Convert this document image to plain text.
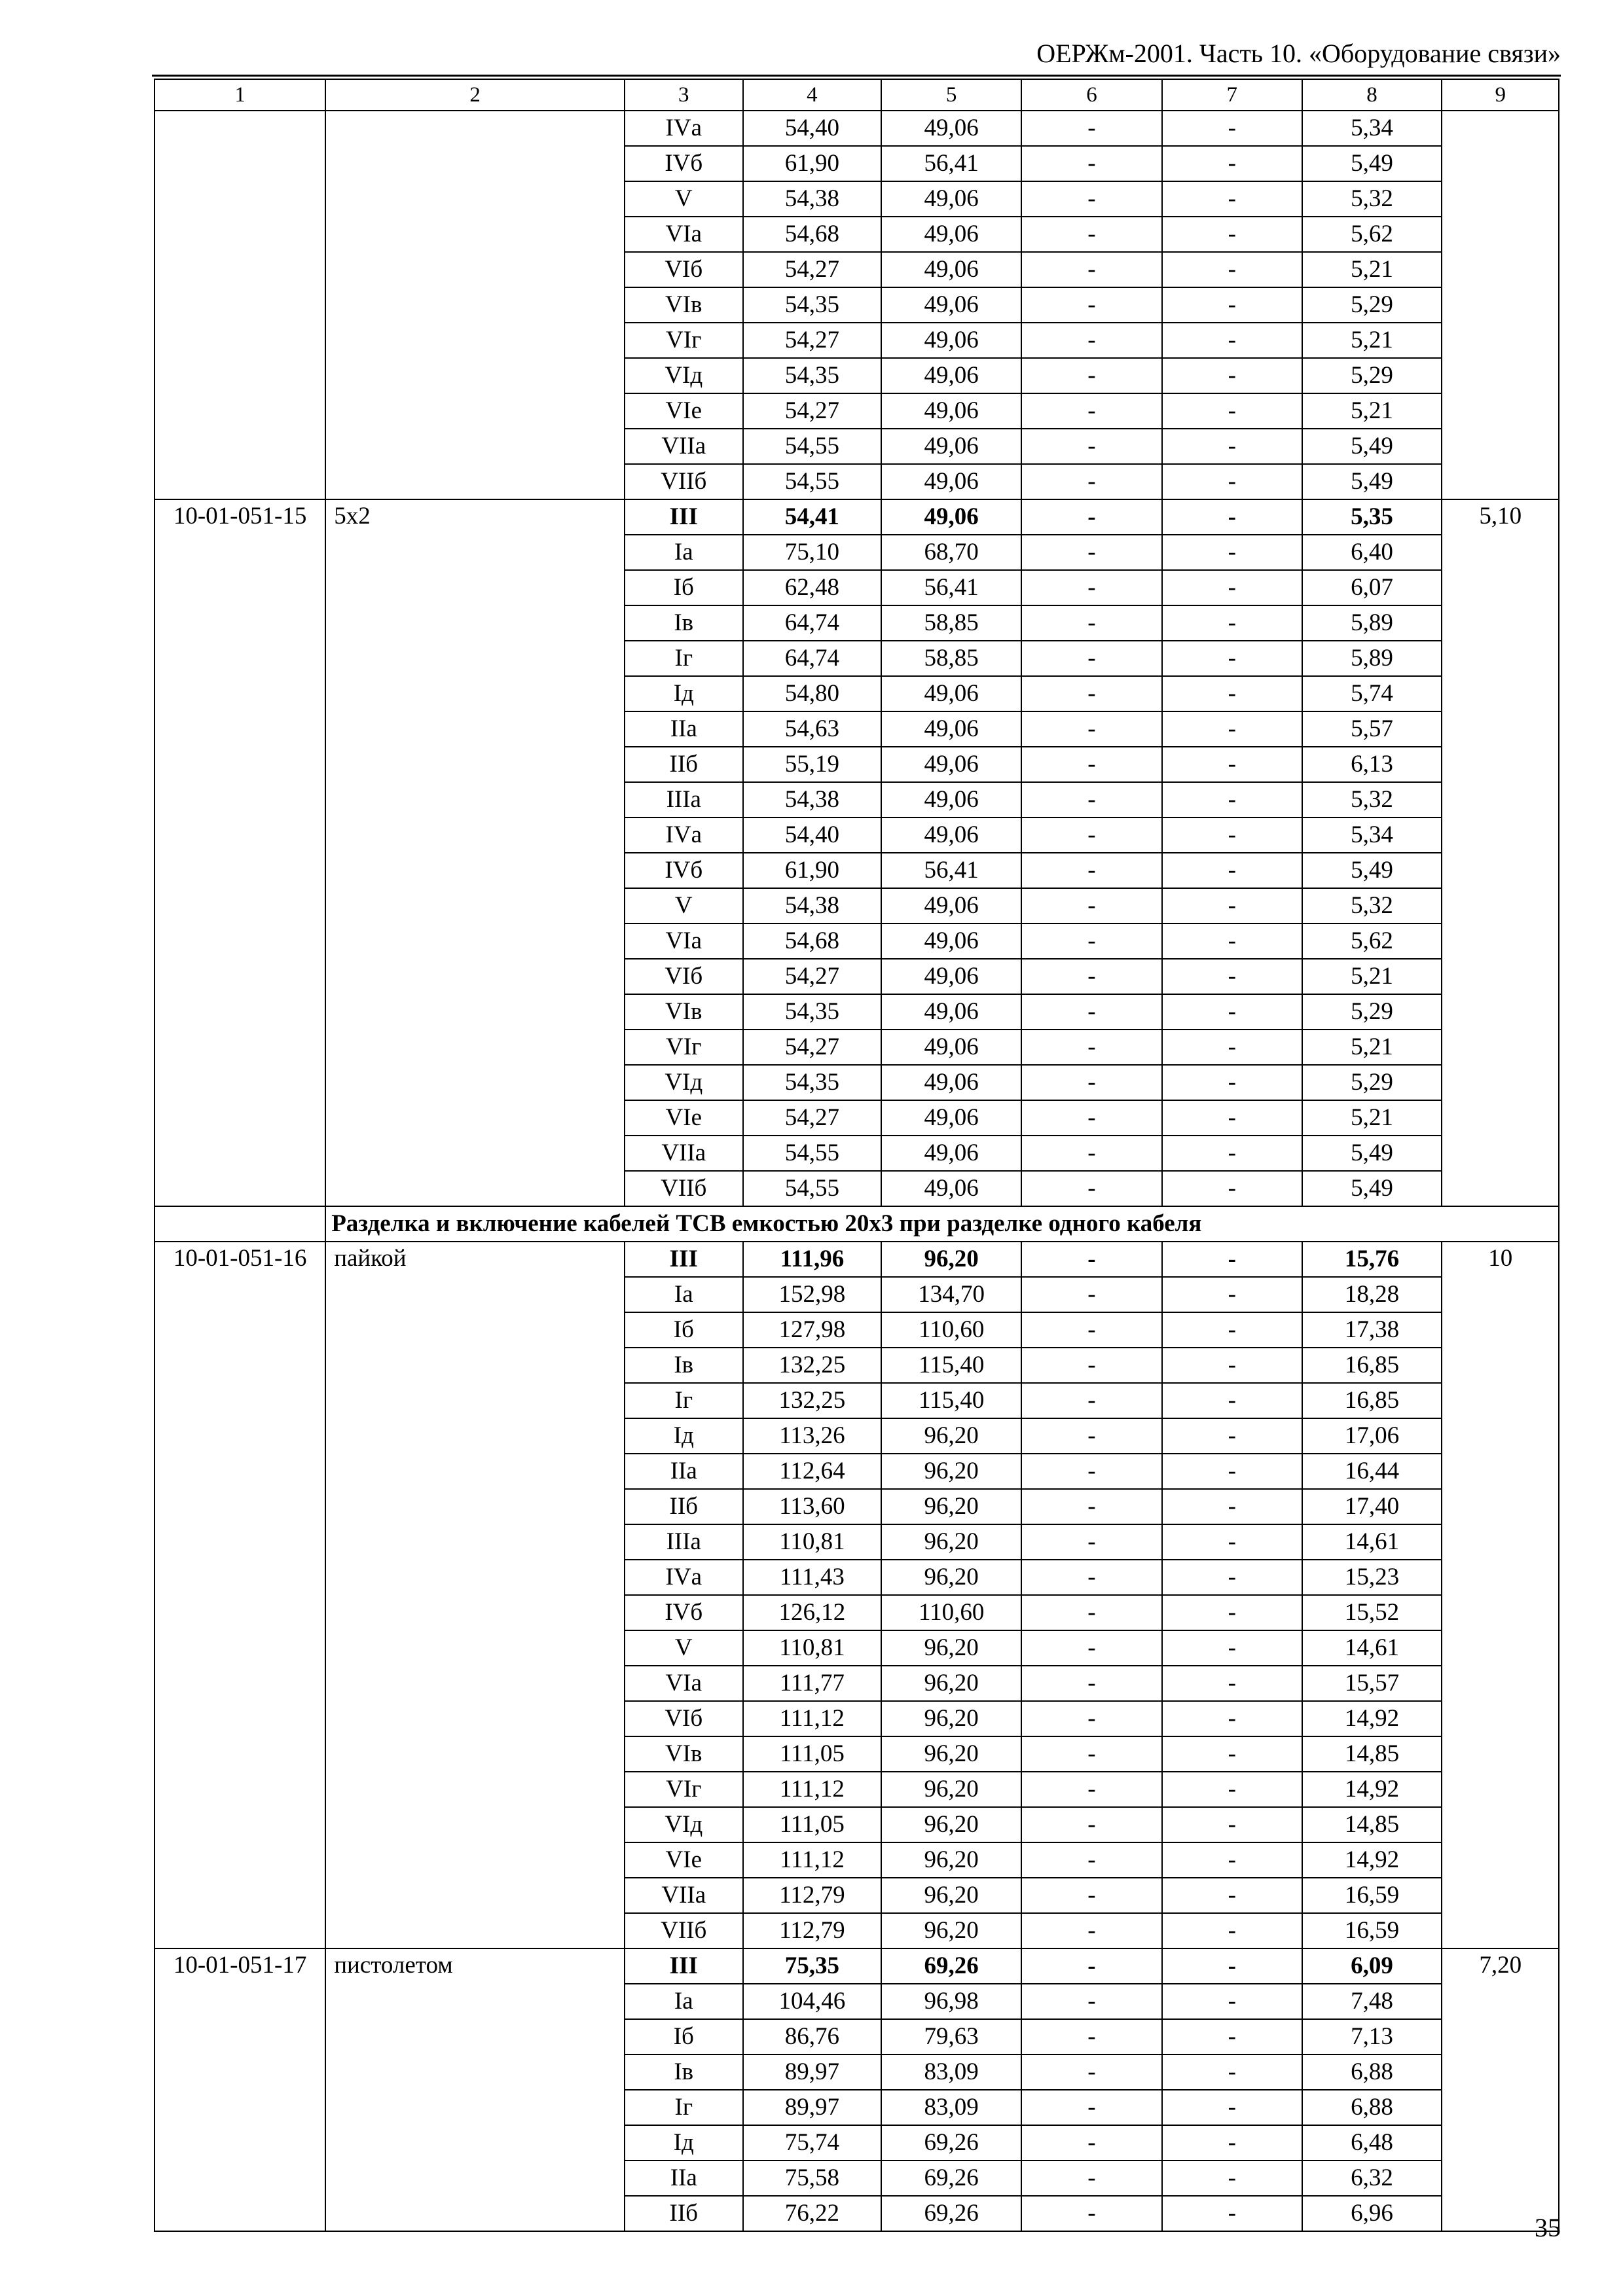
ОЕРЖм-2001. Часть 10. «Оборудование связи»
1	2	3	4	5	6	7	8	9
		IVа	54,40	49,06	-	-	5,34	
		IVб	61,90	56,41	-	-	5,49	
		V	54,38	49,06	-	-	5,32	
		VIа	54,68	49,06	-	-	5,62	
		VIб	54,27	49,06	-	-	5,21	
		VIв	54,35	49,06	-	-	5,29	
		VIг	54,27	49,06	-	-	5,21	
		VIд	54,35	49,06	-	-	5,29	
		VIе	54,27	49,06	-	-	5,21	
		VIIа	54,55	49,06	-	-	5,49	
		VIIб	54,55	49,06	-	-	5,49	
10-01-051-15	5х2	III	54,41	49,06	-	-	5,35	5,10
		Iа	75,10	68,70	-	-	6,40	
		Iб	62,48	56,41	-	-	6,07	
		Iв	64,74	58,85	-	-	5,89	
		Iг	64,74	58,85	-	-	5,89	
		Iд	54,80	49,06	-	-	5,74	
		IIа	54,63	49,06	-	-	5,57	
		IIб	55,19	49,06	-	-	6,13	
		IIIа	54,38	49,06	-	-	5,32	
		IVа	54,40	49,06	-	-	5,34	
		IVб	61,90	56,41	-	-	5,49	
		V	54,38	49,06	-	-	5,32	
		VIа	54,68	49,06	-	-	5,62	
		VIб	54,27	49,06	-	-	5,21	
		VIв	54,35	49,06	-	-	5,29	
		VIг	54,27	49,06	-	-	5,21	
		VIд	54,35	49,06	-	-	5,29	
		VIе	54,27	49,06	-	-	5,21	
		VIIа	54,55	49,06	-	-	5,49	
		VIIб	54,55	49,06	-	-	5,49	
	Разделка и включение кабелей ТСВ емкостью 20х3 при разделке одного кабеля							
10-01-051-16	пайкой	III	111,96	96,20	-	-	15,76	10
		Iа	152,98	134,70	-	-	18,28	
		Iб	127,98	110,60	-	-	17,38	
		Iв	132,25	115,40	-	-	16,85	
		Iг	132,25	115,40	-	-	16,85	
		Iд	113,26	96,20	-	-	17,06	
		IIа	112,64	96,20	-	-	16,44	
		IIб	113,60	96,20	-	-	17,40	
		IIIа	110,81	96,20	-	-	14,61	
		IVа	111,43	96,20	-	-	15,23	
		IVб	126,12	110,60	-	-	15,52	
		V	110,81	96,20	-	-	14,61	
		VIа	111,77	96,20	-	-	15,57	
		VIб	111,12	96,20	-	-	14,92	
		VIв	111,05	96,20	-	-	14,85	
		VIг	111,12	96,20	-	-	14,92	
		VIд	111,05	96,20	-	-	14,85	
		VIе	111,12	96,20	-	-	14,92	
		VIIа	112,79	96,20	-	-	16,59	
		VIIб	112,79	96,20	-	-	16,59	
10-01-051-17	пистолетом	III	75,35	69,26	-	-	6,09	7,20
		Iа	104,46	96,98	-	-	7,48	
		Iб	86,76	79,63	-	-	7,13	
		Iв	89,97	83,09	-	-	6,88	
		Iг	89,97	83,09	-	-	6,88	
		Iд	75,74	69,26	-	-	6,48	
		IIа	75,58	69,26	-	-	6,32	
		IIб	76,22	69,26	-	-	6,96		35
